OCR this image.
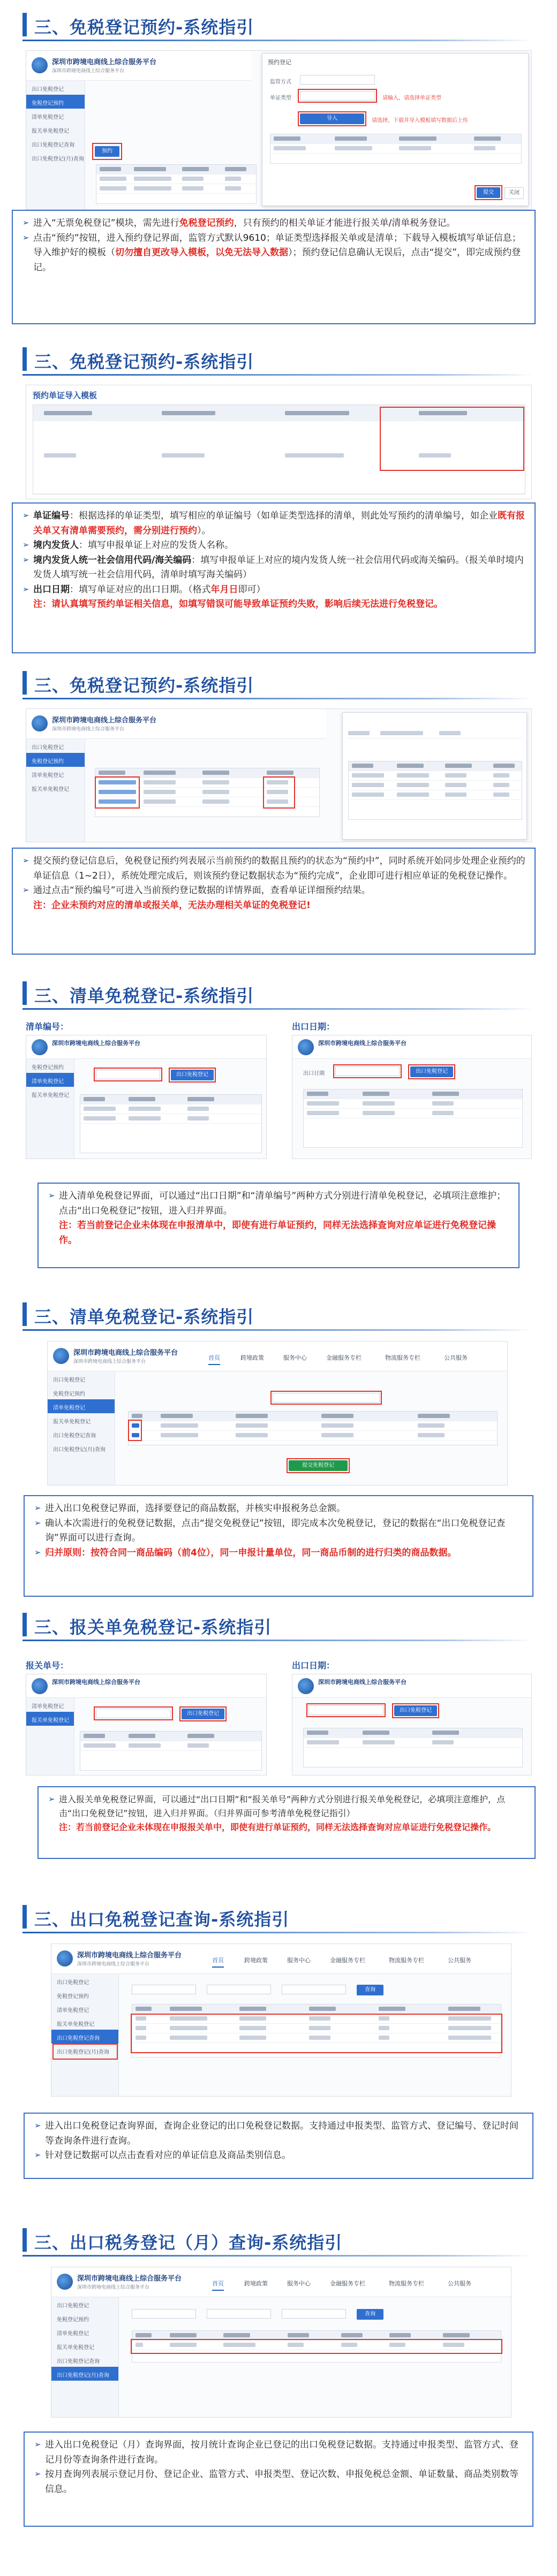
三、免税登记预约-系统指引
深圳市跨境电商线上综合服务平台
深圳市跨境电商线上综合服务平台
出口免税登记
免税登记预约
清单免税登记
报关单免税登记
出口免税登记查询
出口免税登记(月)查询
预约
预约登记
监管方式
单证类型	请输入，请选择单证类型
导入	请选择，下载并导入模板填写数据后上传
提交	关闭

➢ 进入“无票免税登记”模块，需先进行免税登记预约，只有预约的相关单证才能进行报关单/清单税务登记。

➢ 点击“预约”按钮，进入预约登记界面，监管方式默认9610；单证类型选择报关单或是清单；下载导入模板填写单证信息；导入维护好的模板（切勿擅自更改导入模板，以免无法导入数据）；预约登记信息确认无误后，点击“提交”，即完成预约登记。

三、免税登记预约-系统指引
预约单证导入模板

➢ 单证编号：根据选择的单证类型，填写相应的单证编号（如单证类型选择的清单，则此处写预约的清单编号，如企业既有报关单又有清单需要预约，需分别进行预约）。

➢ 境内发货人：填写申报单证上对应的发货人名称。

➢ 境内发货人统一社会信用代码/海关编码：填写申报单证上对应的境内发货人统一社会信用代码或海关编码。（报关单时境内发货人填写统一社会信用代码，清单时填写海关编码）

➢ 出口日期：填写单证对应的出口日期。（格式年月日即可）

注：请认真填写预约单证相关信息，如填写错误可能导致单证预约失败，影响后续无法进行免税登记。

三、免税登记预约-系统指引
深圳市跨境电商线上综合服务平台
深圳市跨境电商线上综合服务平台
出口免税登记
免税登记预约
清单免税登记
报关单免税登记

➢ 提交预约登记信息后，免税登记预约列表展示当前预约的数据且预约的状态为“预约中”，同时系统开始同步处理企业预约的单证信息（1~2日），系统处理完成后，则该预约登记数据状态为“预约完成”，企业即可进行相应单证的免税登记操作。

➢ 通过点击“预约编号”可进入当前预约登记数据的详情界面，查看单证详细预约结果。

注：企业未预约对应的清单或报关单，无法办理相关单证的免税登记!

三、清单免税登记-系统指引
清单编号：	出口日期：
深圳市跨境电商线上综合服务平台
免税登记预约
清单免税登记
报关单免税登记
出口免税登记
深圳市跨境电商线上综合服务平台
出口日期	出口免税登记

➢ 进入清单免税登记界面，可以通过“出口日期”和“清单编号”两种方式分别进行清单免税登记，必填项注意维护；点击“出口免税登记”按钮，进入归并界面。

注：若当前登记企业未体现在申报清单中，即使有进行单证预约，同样无法选择查询对应单证进行免税登记操作。

三、清单免税登记-系统指引
深圳市跨境电商线上综合服务平台
深圳市跨境电商线上综合服务平台
首页	跨境政策	服务中心	金融服务专栏	物流服务专栏	公共服务
出口免税登记
免税登记预约
清单免税登记
报关单免税登记
出口免税登记查询
出口免税登记(月)查询
提交免税登记

➢ 进入出口免税登记界面，选择要登记的商品数据，并核实申报税务总金额。

➢ 确认本次需进行的免税登记数据，点击“提交免税登记”按钮，即完成本次免税登记，登记的数据在“出口免税登记查询”界面可以进行查询。

➢ 归并原则：按符合同一商品编码（前4位），同一申报计量单位，同一商品币制的进行归类的商品数据。

三、报关单免税登记-系统指引
报关单号：	出口日期：
深圳市跨境电商线上综合服务平台
清单免税登记
报关单免税登记
出口免税登记
深圳市跨境电商线上综合服务平台
出口免税登记

➢ 进入报关单免税登记界面，可以通过“出口日期”和“报关单号”两种方式分别进行报关单免税登记，必填项注意维护，点击“出口免税登记”按钮，进入归并界面。（归并界面可参考清单免税登记指引）

注：若当前登记企业未体现在申报报关单中，即使有进行单证预约，同样无法选择查询对应单证进行免税登记操作。

三、出口免税登记查询-系统指引
深圳市跨境电商线上综合服务平台
深圳市跨境电商线上综合服务平台
首页	跨境政策	服务中心	金融服务专栏	物流服务专栏	公共服务
出口免税登记
免税登记预约
清单免税登记
报关单免税登记
出口免税登记查询
出口免税登记(月)查询
查询

➢ 进入出口免税登记查询界面，查询企业登记的出口免税登记数据。支持通过申报类型、监管方式、登记编号、登记时间等查询条件进行查询。

➢ 针对登记数据可以点击查看对应的单证信息及商品类别信息。

三、出口税务登记（月）查询-系统指引
深圳市跨境电商线上综合服务平台
深圳市跨境电商线上综合服务平台
首页	跨境政策	服务中心	金融服务专栏	物流服务专栏	公共服务
出口免税登记
免税登记预约
清单免税登记
报关单免税登记
出口免税登记查询
出口免税登记(月)查询
查询

➢ 进入出口免税登记（月）查询界面，按月统计查询企业已登记的出口免税登记数据。支持通过申报类型、监管方式、登记月份等查询条件进行查询。

➢ 按月查询列表展示登记月份、登记企业、监管方式、申报类型、登记次数、申报免税总金额、单证数量、商品类别数等信息。
